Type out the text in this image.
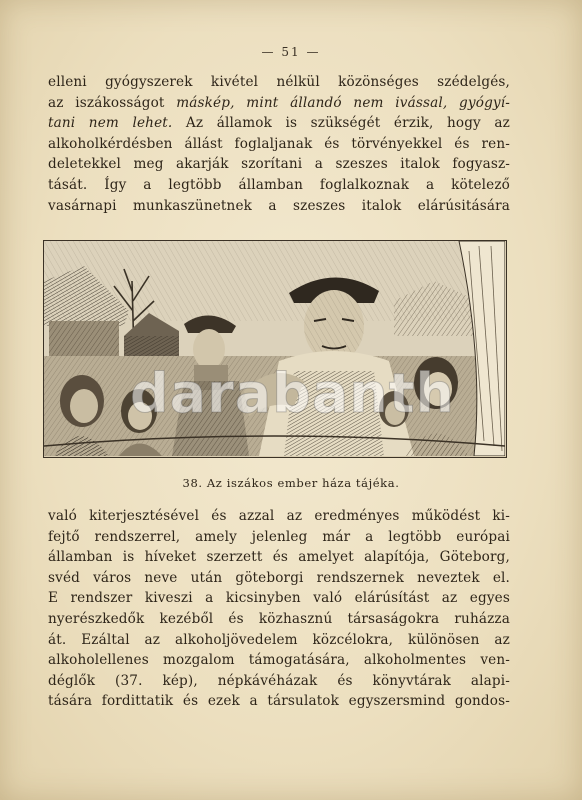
— 51 —
elleni gyógyszerek kivétel nélkül közönséges szédelgés,
az iszákosságot máskép, mint állandó nem ivással, gyógyí-
tani nem lehet. Az államok is szükségét érzik, hogy az
alkoholkérdésben állást foglaljanak és törvényekkel és ren-
deletekkel meg akarják szorítani a szeszes italok fogyasz-
tását. Így a legtöbb államban foglalkoznak a kötelező
vasárnapi munkaszünetnek a szeszes italok elárúsitására
darabanth
38. Az iszákos ember háza tájéka.
való kiterjesztésével és azzal az eredményes működést ki-
fejtő rendszerrel, amely jelenleg már a legtöbb európai
államban is híveket szerzett és amelyet alapítója, Göteborg,
svéd város neve után göteborgi rendszernek neveztek el.
E rendszer kiveszi a kicsinyben való elárúsítást az egyes
nyerészkedők kezéből és közhasznú társaságokra ruházza
át. Ezáltal az alkoholjövedelem közcélokra, különösen az
alkoholellenes mozgalom támogatására, alkoholmentes ven-
déglők (37. kép), népkávéházak és könyvtárak alapi-
tására fordittatik és ezek a társulatok egyszersmind gondos-
